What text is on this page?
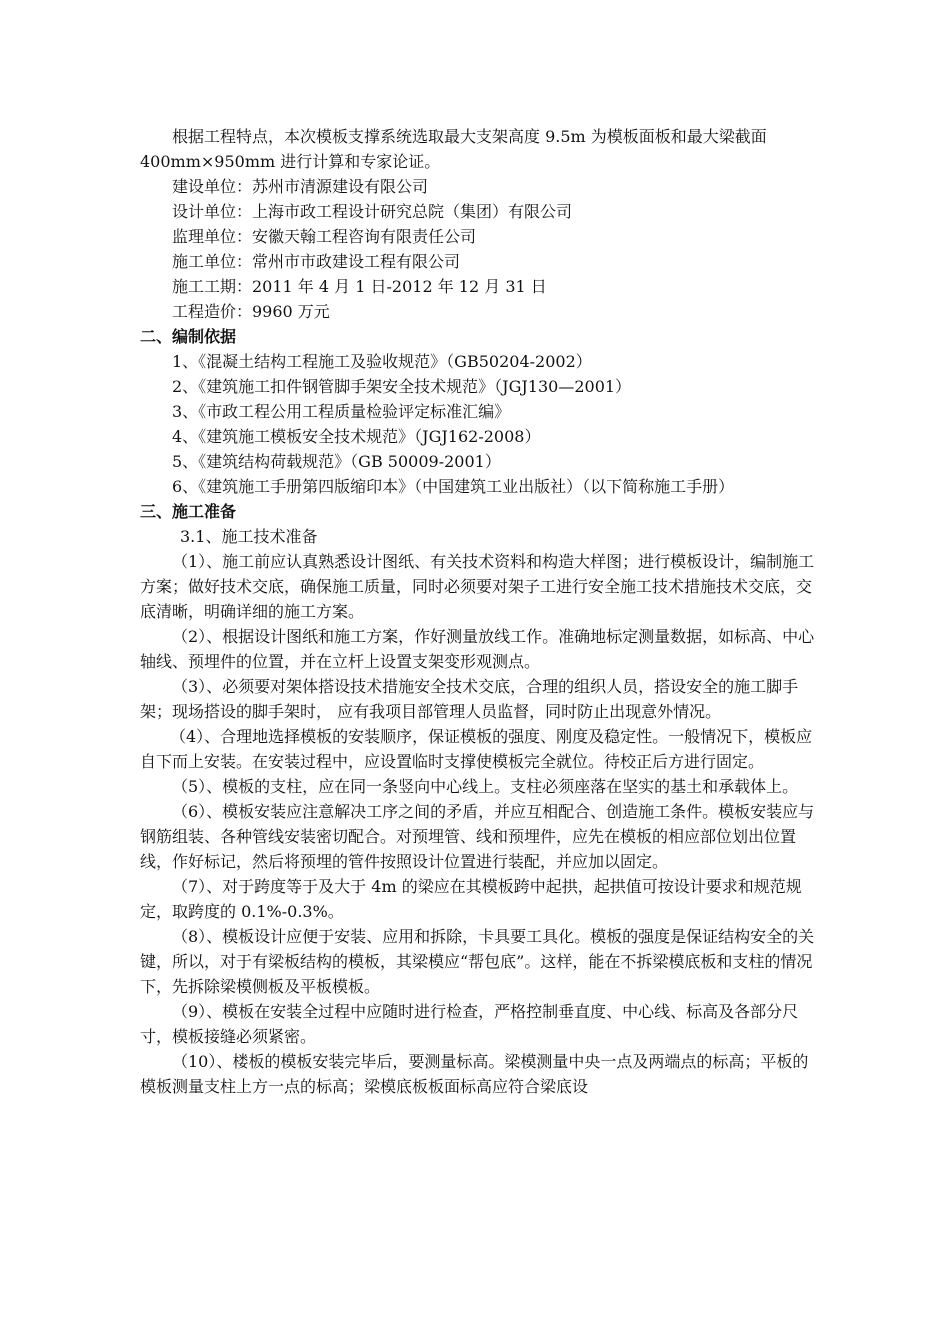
根据工程特点，本次模板支撑系统选取最大支架高度 9.5m 为模板面板和最大梁截面 400mm×950mm 进行计算和专家论证。

建设单位：苏州市清源建设有限公司

设计单位：上海市政工程设计研究总院（集团）有限公司

监理单位：安徽天翰工程咨询有限责任公司

施工单位：常州市市政建设工程有限公司

施工工期：2011 年 4 月 1 日-2012 年 12 月 31 日

工程造价：9960 万元

二、编制依据

1、《混凝土结构工程施工及验收规范》（GB50204-2002）

2、《建筑施工扣件钢管脚手架安全技术规范》（JGJ130—2001）

3、《市政工程公用工程质量检验评定标准汇编》

4、《建筑施工模板安全技术规范》（JGJ162-2008）

5、《建筑结构荷载规范》（GB 50009-2001）

6、《建筑施工手册第四版缩印本》（中国建筑工业出版社）（以下简称施工手册）

三、施工准备

3.1、施工技术准备

（1）、施工前应认真熟悉设计图纸、有关技术资料和构造大样图；进行模板设计，编制施工方案；做好技术交底，确保施工质量，同时必须要对架子工进行安全施工技术措施技术交底，交底清晰，明确详细的施工方案。

（2）、根据设计图纸和施工方案，作好测量放线工作。准确地标定测量数据，如标高、中心轴线、预埋件的位置，并在立杆上设置支架变形观测点。

（3）、必须要对架体搭设技术措施安全技术交底，合理的组织人员，搭设安全的施工脚手架；现场搭设的脚手架时， 应有我项目部管理人员监督，同时防止出现意外情况。

（4）、合理地选择模板的安装顺序，保证模板的强度、刚度及稳定性。一般情况下，模板应自下而上安装。在安装过程中，应设置临时支撑使模板完全就位。待校正后方进行固定。

（5）、模板的支柱，应在同一条竖向中心线上。支柱必须座落在坚实的基土和承载体上。

（6）、模板安装应注意解决工序之间的矛盾，并应互相配合、创造施工条件。模板安装应与钢筋组装、各种管线安装密切配合。对预埋管、线和预埋件，应先在模板的相应部位划出位置线，作好标记，然后将预埋的管件按照设计位置进行装配，并应加以固定。

（7）、对于跨度等于及大于 4m 的梁应在其模板跨中起拱，起拱值可按设计要求和规范规定，取跨度的 0.1%-0.3%。

（8）、模板设计应便于安装、应用和拆除，卡具要工具化。模板的强度是保证结构安全的关键，所以，对于有梁板结构的模板，其梁模应“帮包底”。这样，能在不拆梁模底板和支柱的情况下，先拆除梁模侧板及平板模板。

（9）、模板在安装全过程中应随时进行检查，严格控制垂直度、中心线、标高及各部分尺寸，模板接缝必须紧密。

（10）、楼板的模板安装完毕后，要测量标高。梁模测量中央一点及两端点的标高；平板的模板测量支柱上方一点的标高；梁模底板板面标高应符合梁底设
